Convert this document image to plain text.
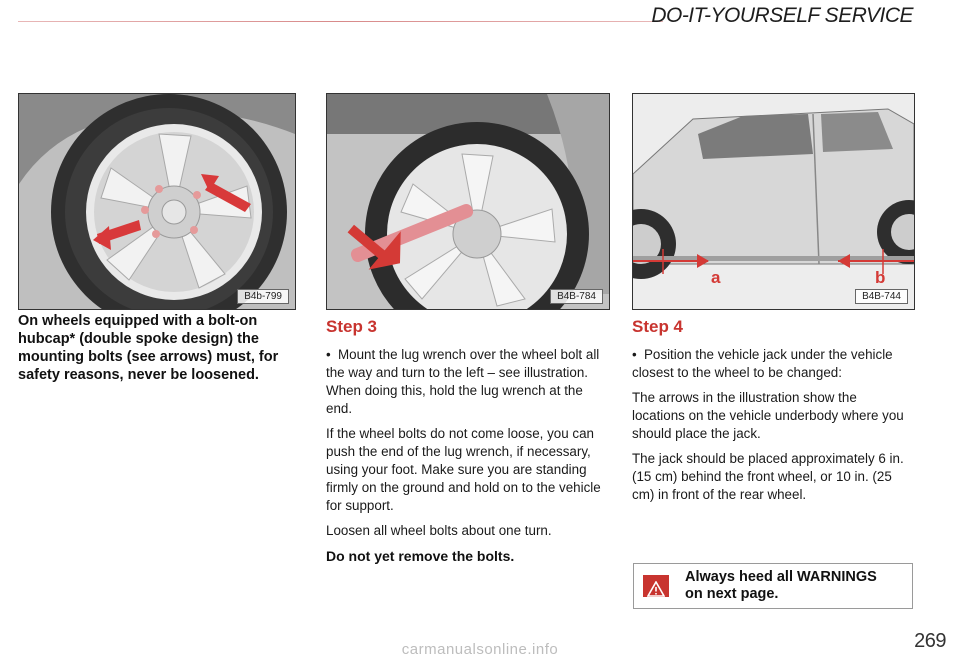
DO-IT-YOURSELF SERVICE
B4b-799	B4B-784
a	b
B4B-744
On wheels equipped with a bolt-on hubcap* (double spoke design) the mounting bolts (see arrows) must, for safety reasons, never be loosened.
Step 3

• Mount the lug wrench over the wheel bolt all the way and turn to the left – see illustration. When doing this, hold the lug wrench at the end.

If the wheel bolts do not come loose, you can push the end of the lug wrench, if necessary, using your foot. Make sure you are standing firmly on the ground and hold on to the vehicle for support.

Loosen all wheel bolts about one turn.

Do not yet remove the bolts.

Step 4

• Position the vehicle jack under the vehicle closest to the wheel to be changed:

The arrows in the illustration show the locations on the vehicle underbody where you should place the jack.

The jack should be placed approximately 6 in. (15 cm) behind the front wheel, or 10 in. (25 cm) in front of the rear wheel.

Always heed all WARNINGS
on next page.
269
carmanualsonline.info
